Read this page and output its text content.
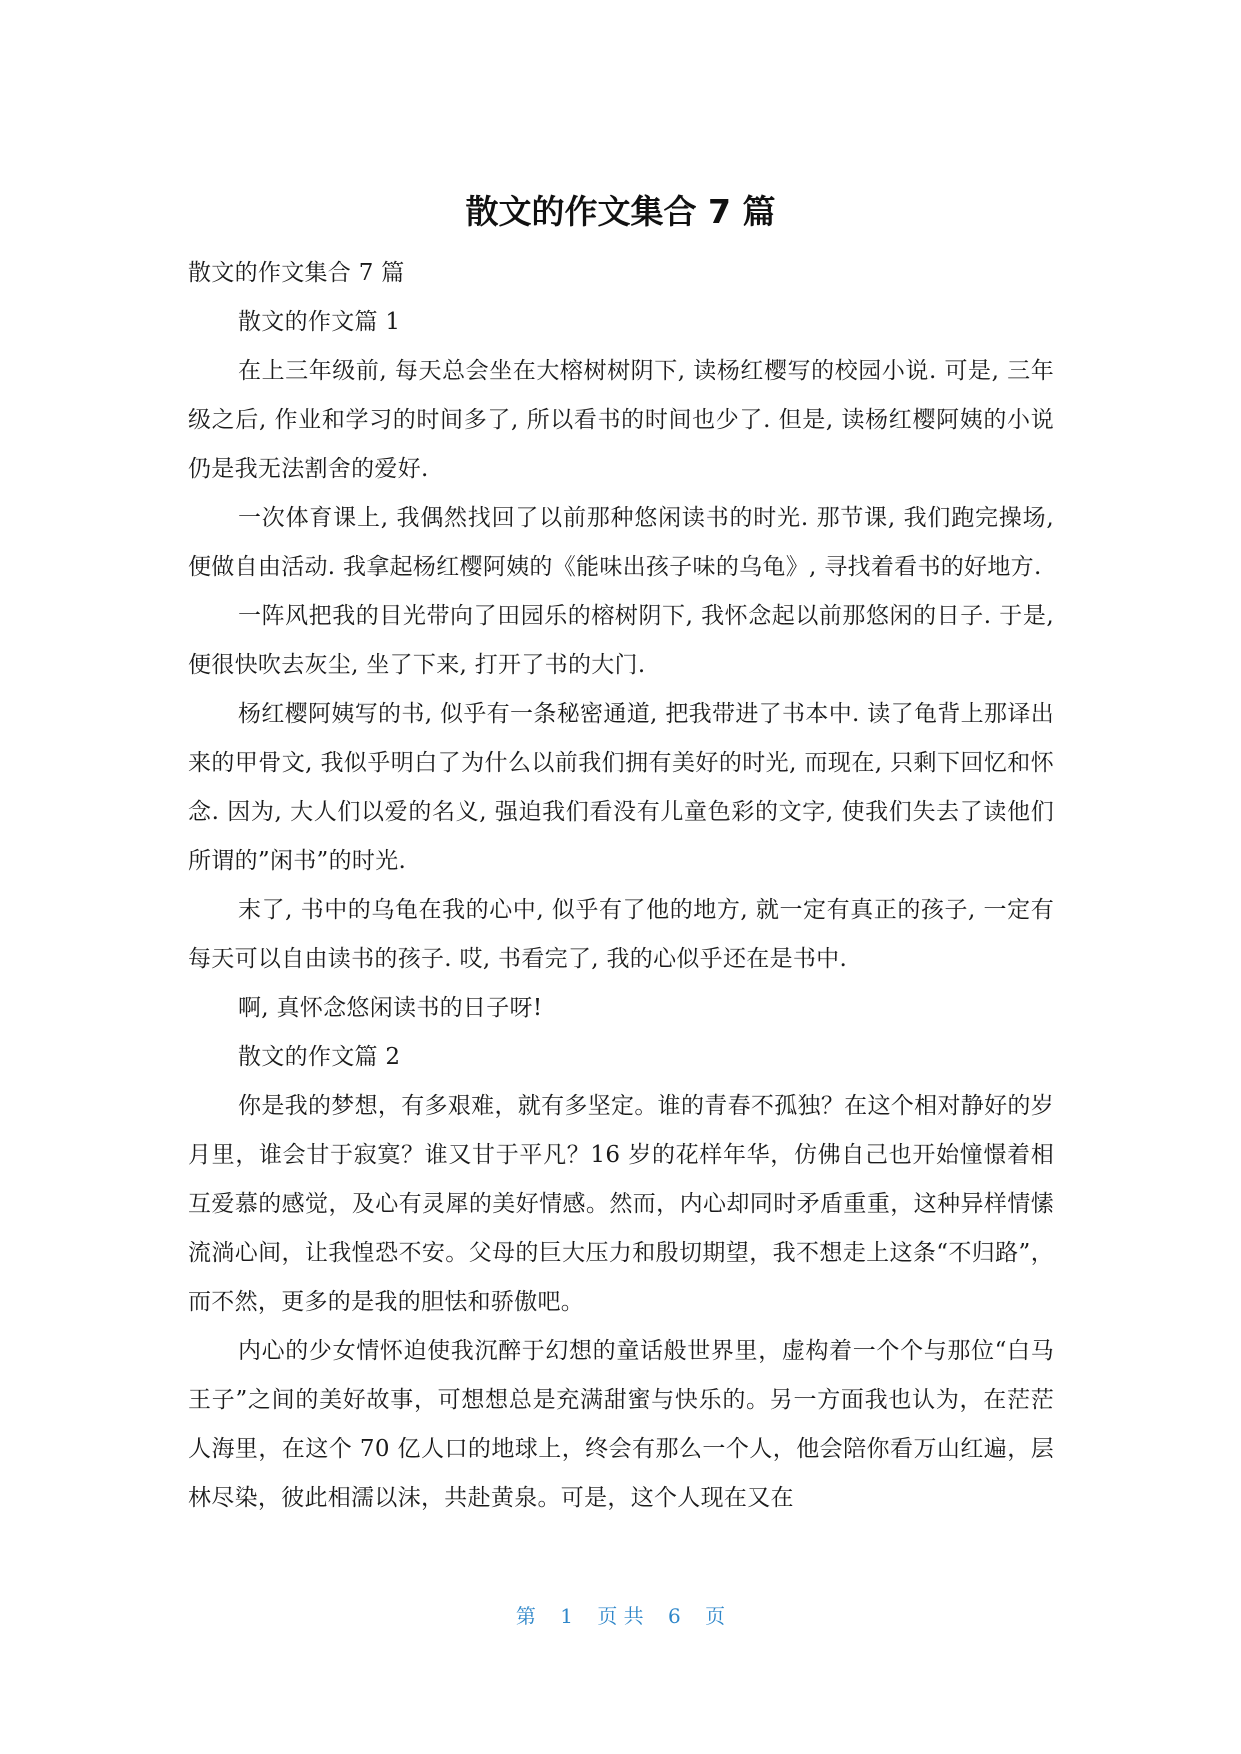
散文的作文集合 7 篇

散文的作文集合 7 篇

散文的作文篇 1

在上三年级前, 每天总会坐在大榕树树阴下, 读杨红樱写的校园小说. 可是, 三年级之后, 作业和学习的时间多了, 所以看书的时间也少了. 但是, 读杨红樱阿姨的小说仍是我无法割舍的爱好.

一次体育课上, 我偶然找回了以前那种悠闲读书的时光. 那节课, 我们跑完操场, 便做自由活动. 我拿起杨红樱阿姨的《能味出孩子味的乌龟》, 寻找着看书的好地方.

一阵风把我的目光带向了田园乐的榕树阴下, 我怀念起以前那悠闲的日子. 于是, 便很快吹去灰尘, 坐了下来, 打开了书的大门.

杨红樱阿姨写的书, 似乎有一条秘密通道, 把我带进了书本中. 读了龟背上那译出来的甲骨文, 我似乎明白了为什么以前我们拥有美好的时光, 而现在, 只剩下回忆和怀念. 因为, 大人们以爱的名义, 强迫我们看没有儿童色彩的文字, 使我们失去了读他们所谓的”闲书”的时光.

末了, 书中的乌龟在我的心中, 似乎有了他的地方, 就一定有真正的孩子, 一定有每天可以自由读书的孩子. 哎, 书看完了, 我的心似乎还在是书中.

啊, 真怀念悠闲读书的日子呀!

散文的作文篇 2

你是我的梦想，有多艰难，就有多坚定。谁的青春不孤独？在这个相对静好的岁月里，谁会甘于寂寞？谁又甘于平凡？16 岁的花样年华，仿佛自己也开始憧憬着相互爱慕的感觉，及心有灵犀的美好情感。然而，内心却同时矛盾重重，这种异样情愫流淌心间，让我惶恐不安。父母的巨大压力和殷切期望，我不想走上这条“不归路”，而不然，更多的是我的胆怯和骄傲吧。

内心的少女情怀迫使我沉醉于幻想的童话般世界里，虚构着一个个与那位“白马王子”之间的美好故事，可想想总是充满甜蜜与快乐的。另一方面我也认为，在茫茫人海里，在这个 70 亿人口的地球上，终会有那么一个人，他会陪你看万山红遍，层林尽染，彼此相濡以沫，共赴黄泉。可是，这个人现在又在

第 1 页 共 6 页
